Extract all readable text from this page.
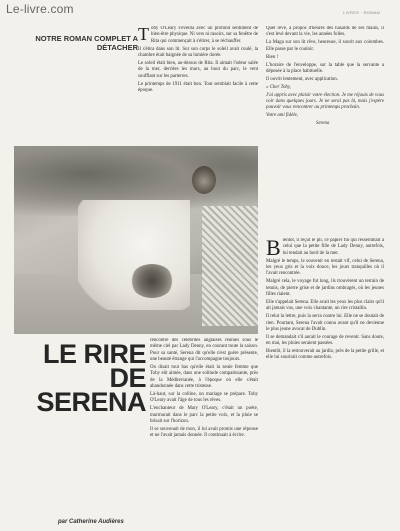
Le-livre.com	LIVRES · ROMAN
NOTRE ROMAN COMPLET A DÉTACHER
T oby O'Leary s'éveilla avec un profond sentiment de bien-être physique. Ni vers ni rasoirs, sur sa fenêtre de Rita qui commençait à s'étirer, à se réchauffer.

Il s'étira dans son lit. Sur son corps le soleil avait coulé, la chambre était baignée de sa lumière dorée.

Le soleil était bien, au-dessus de Rita. Il aimait l'odeur salée de la mer, derrière les murs, au bout du parc, le vent soufflant sur les parterres.

Le printemps de 1911 était bon. Tout semblait facile à cette époque.

Quel rêve, à propos d'heures des hasards de ses mains, il s'est levé devant la vie, les années folles.

La Maga sur son lit rêve, heureuse, il sourit aux colombes. Elle passe par le couloir.

Rien !

L'horaire de l'enveloppe, sur la table que la servante a déposée à la place habituelle.

Il ouvrit lentement, avec application.

« Cher Toby,

J'ai appris avec plaisir votre élection. Je me réjouis de vous voir dans quelques jours. Je ne serai pas là, mais j'espère pouvoir vous rencontrer au printemps prochain.

Votre ami fidèle,

Serena

LE RIRE
DE SERENA

rencontre des célébrités anglaises réunies sous le même ciel par Lady Denny, en courant toute la saison. Pour sa santé, Serena dit qu'elle n'est guère présente, une beauté étrange qui l'accompagne toujours.

On disait tout bas qu'elle était la seule femme que Toby eût aimée, dans une solitude compatissante, près de la Méditerranée, à l'époque où elle s'était abandonnée dans cette tristesse.

Là-haut, sur la colline, un mariage se prépare. Toby O'Leary avait l'âge de tous les rêves.

L'enchanteur de Mary O'Leary, c'était un poète, murmurait dans le parc la petite voix, et la pluie se brisait sur l'horizon.

Il se souvenait de mon, il lui avait promis une réponse et ne l'avait jamais donnée. Il continuait à écrire.

B ientôt, il reçut le pli, ce papier fin qui ressemblait à celui que la petite fille de Lady Denny, autrefois, lui tendait au bord de la mer.

Malgré le temps, le souvenir en restait vif, celui de Serena, les yeux gris et la voix douce, les jours tranquilles où il l'avait rencontrée.

Malgré cela, le voyage fut long, ils trouvèrent un terrain de tennis, de pierre grise et de jardins ombragés, où les jeunes filles riaient.

Elle s'appelait Serena. Elle avait les yeux les plus clairs qu'il ait jamais vus, une voix chantante, un rire cristallin.

Il relut la lettre, puis la serra contre lui. Elle ne se doutait de rien. Pourtant, Serena l'avait connu avant qu'il ne devienne le plus jeune avocat de Dublin.

Il se demandait s'il aurait le courage de revenir. Sans doute, en mai, les pluies seraient passées.

Bientôt, il la retrouverait au jardin, près de la petite grille, et elle lui sourirait comme autrefois.

par Catherine Audières
